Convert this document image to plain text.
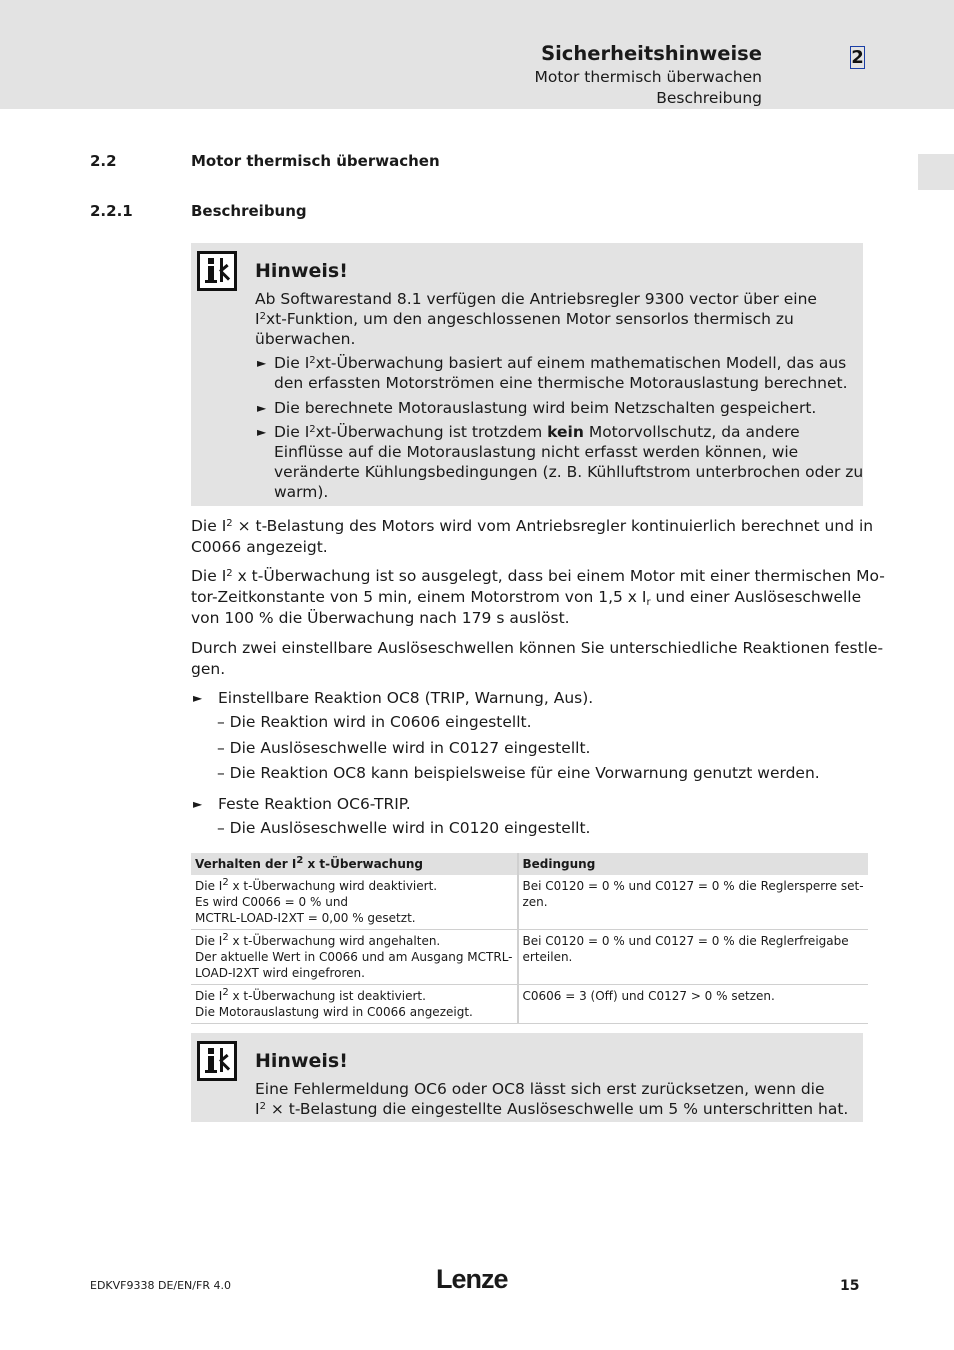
Sicherheitshinweise
Motor thermisch überwachen
Beschreibung
2
2.2	Motor thermisch überwachen
2.2.1	Beschreibung
Hinweis!
Ab Softwarestand 8.1 verfügen die Antriebsregler 9300 vector über eine
$I^2xt$-Funktion, um den angeschlossenen Motor sensorlos thermisch zu
überwachen.
► Die $I^2xt$-Überwachung basiert auf einem mathematischen Modell, das aus
den erfassten Motorströmen eine thermische Motorauslastung berechnet.
► Die berechnete Motorauslastung wird beim Netzschalten gespeichert.
► Die $I^2xt$-Überwachung ist trotzdem kein Motorvollschutz, da andere
Einflüsse auf die Motorauslastung nicht erfasst werden können, wie
veränderte Kühlungsbedingungen (z. B. Kühlluftstrom unterbrochen oder zu
warm).
Die $I^2$ × t-Belastung des Motors wird vom Antriebsregler kontinuierlich berechnet und in
C0066 angezeigt.
Die $I^2$ x t-Überwachung ist so ausgelegt, dass bei einem Motor mit einer thermischen Mo-
tor-Zeitkonstante von 5 min, einem Motorstrom von 1,5 x $I_r$ und einer Auslöseschwelle
von 100 % die Überwachung nach 179 s auslöst.
Durch zwei einstellbare Auslöseschwellen können Sie unterschiedliche Reaktionen festle-
gen.
► Einstellbare Reaktion OC8 (TRIP, Warnung, Aus).
– Die Reaktion wird in C0606 eingestellt.
– Die Auslöseschwelle wird in C0127 eingestellt.
– Die Reaktion OC8 kann beispielsweise für eine Vorwarnung genutzt werden.
► Feste Reaktion OC6-TRIP.
– Die Auslöseschwelle wird in C0120 eingestellt.
Verhalten der $I^2$ x t-Überwachung	Bedingung

Die $I^2$ x t-Überwachung wird deaktiviert.
Es wird C0066 = 0 % und
MCTRL-LOAD-I2XT = 0,00 % gesetzt.	Bei C0120 = 0 % und C0127 = 0 % die Reglersperre set-
zen.

Die $I^2$ x t-Überwachung wird angehalten.
Der aktuelle Wert in C0066 und am Ausgang MCTRL-
LOAD-I2XT wird eingefroren.	Bei C0120 = 0 % und C0127 = 0 % die Reglerfreigabe
erteilen.

Die $I^2$ x t-Überwachung ist deaktiviert.
Die Motorauslastung wird in C0066 angezeigt.	C0606 = 3 (Off) und C0127 > 0 % setzen.
Hinweis!
Eine Fehlermeldung OC6 oder OC8 lässt sich erst zurücksetzen, wenn die
$I^2$ × t-Belastung die eingestellte Auslöseschwelle um 5 % unterschritten hat.
EDKVF9338 DE/EN/FR 4.0	Lenze	15
